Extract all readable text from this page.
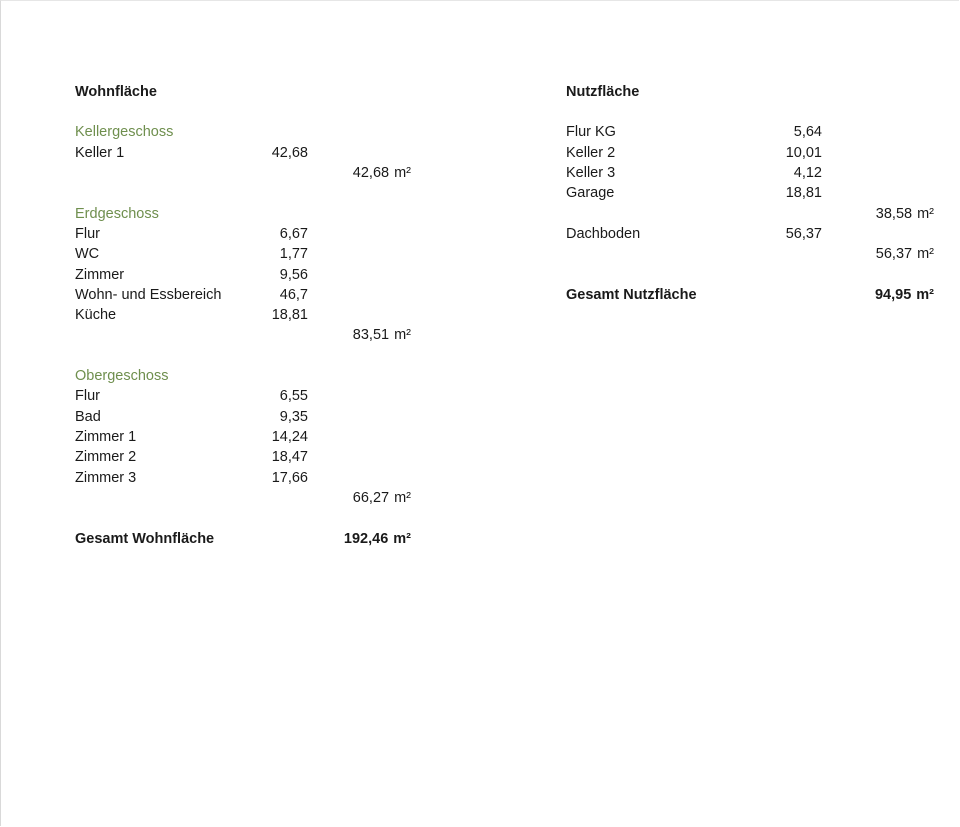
Wohnfläche
Kellergeschoss
Keller 1	42,68
42,68 m²
Erdgeschoss
Flur	6,67
WC	1,77
Zimmer	9,56
Wohn- und Essbereich	46,7
Küche	18,81
83,51 m²
Obergeschoss
Flur	6,55
Bad	9,35
Zimmer 1	14,24
Zimmer 2	18,47
Zimmer 3	17,66
66,27 m²
Gesamt Wohnfläche	192,46 m²
Nutzfläche
Flur KG	5,64
Keller 2	10,01
Keller 3	4,12
Garage	18,81
38,58 m²
Dachboden	56,37
56,37 m²
Gesamt Nutzfläche	94,95 m²
